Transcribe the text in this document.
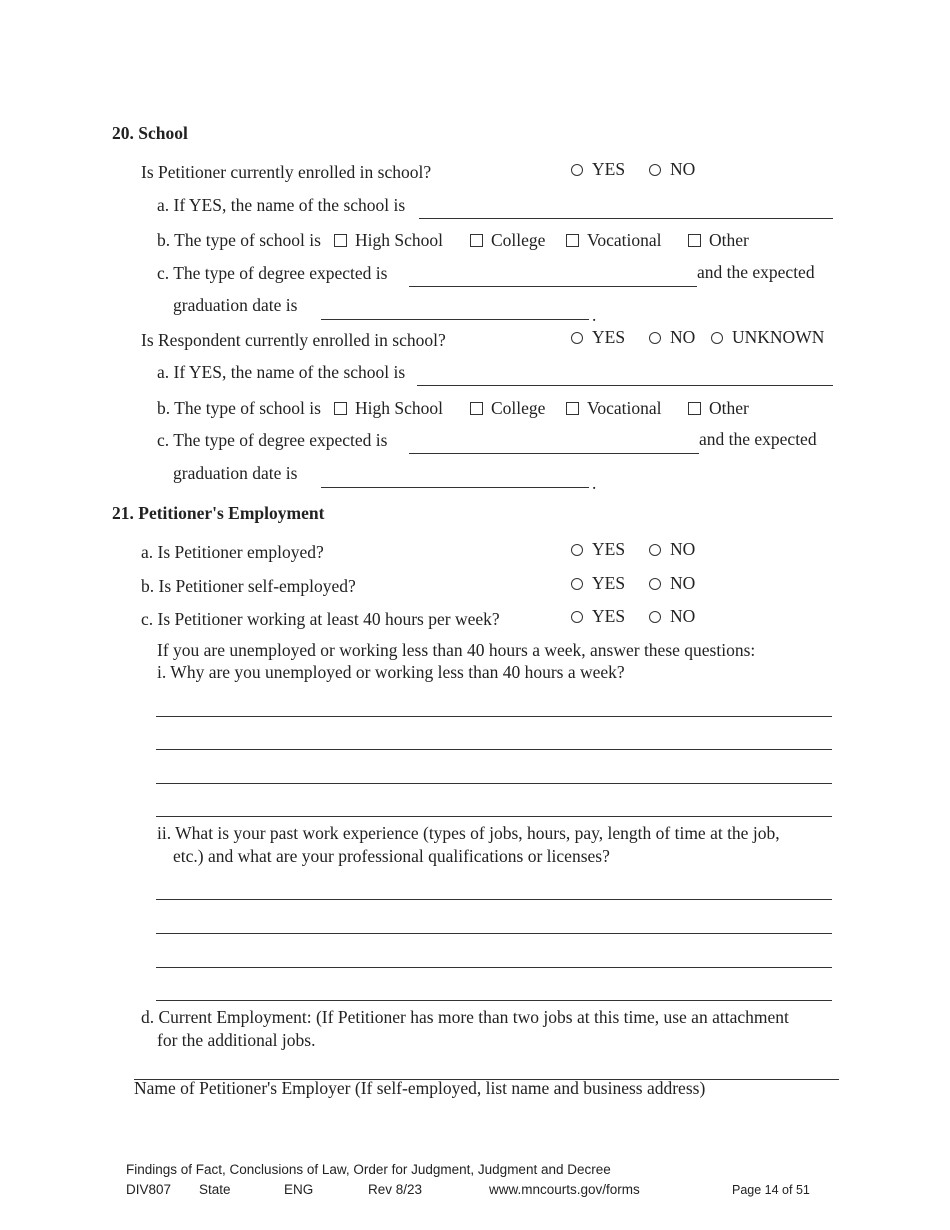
20. School
Is Petitioner currently enrolled in school?	YES	NO
a. If YES, the name of the school is
b. The type of school is High School	College Vocational	Other
c. The type of degree expected is	and the expected
graduation date is	.
Is Respondent currently enrolled in school?	YES	NO UNKNOWN
a. If YES, the name of the school is
b. The type of school is High School	College Vocational	Other
c. The type of degree expected is	and the expected
graduation date is	.
21. Petitioner's Employment
a. Is Petitioner employed?	YES	NO
b. Is Petitioner self-employed?	YES	NO
c. Is Petitioner working at least 40 hours per week?	YES	NO
If you are unemployed or working less than 40 hours a week, answer these questions:
i. Why are you unemployed or working less than 40 hours a week?
ii. What is your past work experience (types of jobs, hours, pay, length of time at the job,
etc.) and what are your professional qualifications or licenses?
d. Current Employment: (If Petitioner has more than two jobs at this time, use an attachment
for the additional jobs.
Name of Petitioner's Employer (If self-employed, list name and business address)
Findings of Fact, Conclusions of Law, Order for Judgment, Judgment and Decree
DIV807 State	ENG	Rev 8/23	www.mncourts.gov/forms	Page 14 of 51
